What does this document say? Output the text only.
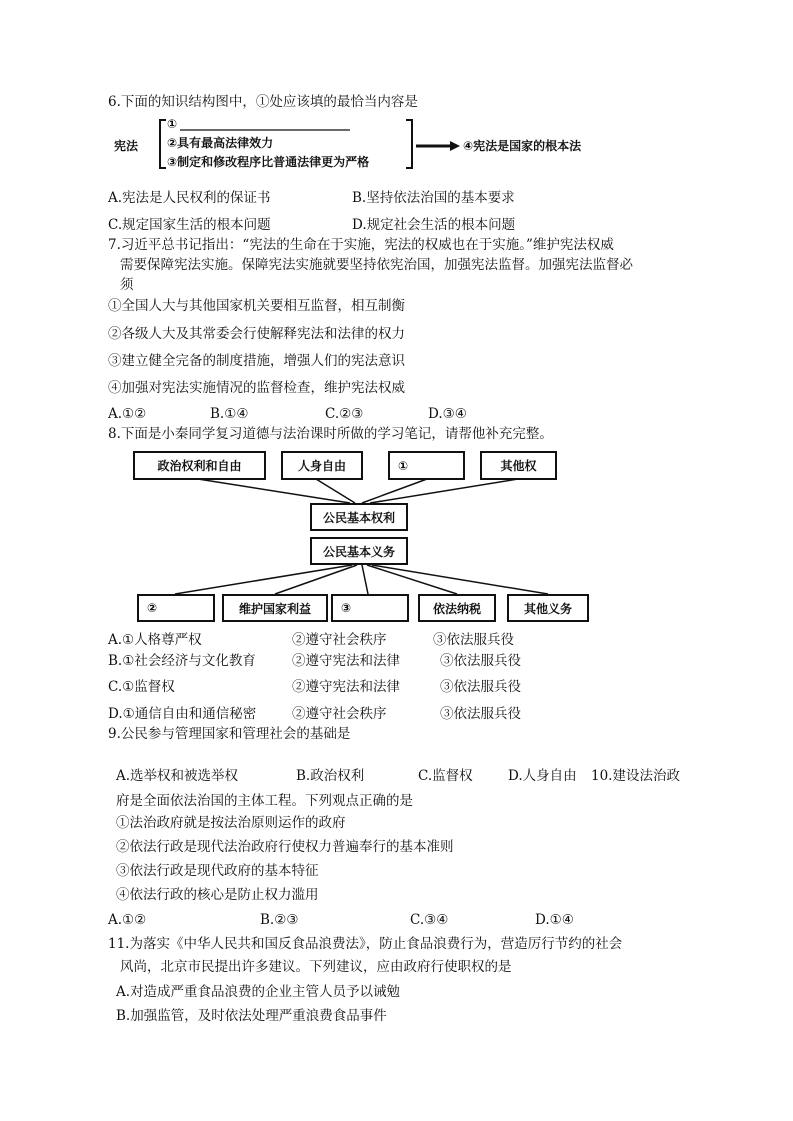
6.下面的知识结构图中，①处应该填的最恰当内容是
宪法
①
②具有最高法律效力
③制定和修改程序比普通法律更为严格
④宪法是国家的根本法
A.宪法是人民权利的保证书	B.坚持依法治国的基本要求
C.规定国家生活的根本问题	D.规定社会生活的根本问题
7.习近平总书记指出：“宪法的生命在于实施，宪法的权威也在于实施。”维护宪法权威
需要保障宪法实施。保障宪法实施就要坚持依宪治国，加强宪法监督。加强宪法监督必
须
①全国人大与其他国家机关要相互监督，相互制衡
②各级人大及其常委会行使解释宪法和法律的权力
③建立健全完备的制度措施，增强人们的宪法意识
④加强对宪法实施情况的监督检查，维护宪法权威
A.①②	B.①④	C.②③	D.③④
8.下面是小秦同学复习道德与法治课时所做的学习笔记，请帮他补充完整。
政治权利和自由	人身自由	①	其他权
公民基本权利
公民基本义务
②	维护国家利益	③	依法纳税	其他义务
A.①人格尊严权	②遵守社会秩序	③依法服兵役
B.①社会经济与文化教育	②遵守宪法和法律	③依法服兵役
C.①监督权	②遵守宪法和法律	③依法服兵役
D.①通信自由和通信秘密	②遵守社会秩序	③依法服兵役
9.公民参与管理国家和管理社会的基础是
A.选举权和被选举权	B.政治权利	C.监督权	D.人身自由 10.建设法治政
府是全面依法治国的主体工程。下列观点正确的是
①法治政府就是按法治原则运作的政府
②依法行政是现代法治政府行使权力普遍奉行的基本准则
③依法行政是现代政府的基本特征
④依法行政的核心是防止权力滥用
A.①②	B.②③	C.③④	D.①④
11.为落实《中华人民共和国反食品浪费法》，防止食品浪费行为，营造厉行节约的社会
风尚，北京市民提出许多建议。下列建议，应由政府行使职权的是
A.对造成严重食品浪费的企业主管人员予以诫勉
B.加强监管，及时依法处理严重浪费食品事件
